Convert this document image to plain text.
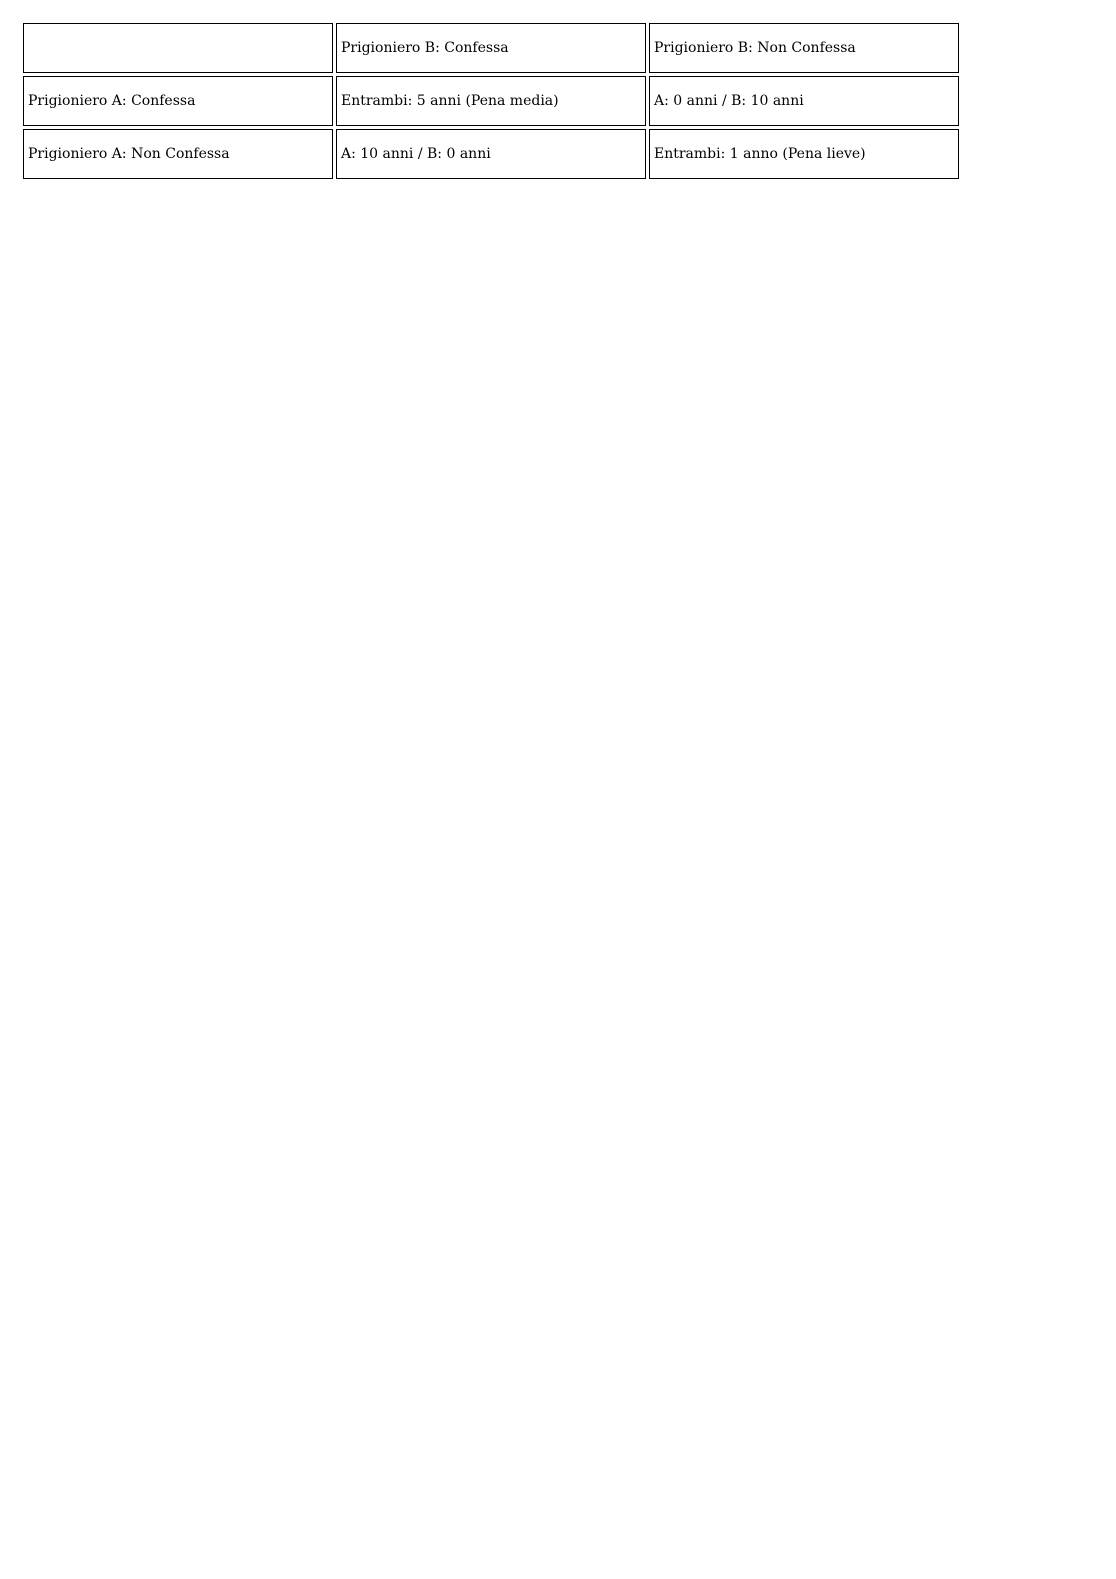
	Prigioniero B: Confessa	Prigioniero B: Non Confessa
Prigioniero A: Confessa	Entrambi: 5 anni (Pena media)	A: 0 anni / B: 10 anni
Prigioniero A: Non Confessa	A: 10 anni / B: 0 anni	Entrambi: 1 anno (Pena lieve)
